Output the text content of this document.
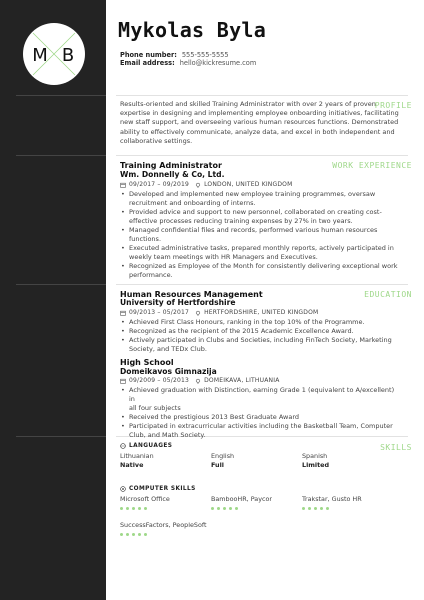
M B
Mykolas Byla
Phone number: 555-555-5555
Email address: hello@kickresume.com
PROFILE
WORK EXPERIENCE
EDUCATION
SKILLS
Results-oriented and skilled Training Administrator with over 2 years of proven
expertise in designing and implementing employee onboarding initiatives, facilitating
new staff support, and overseeing various human resources functions. Demonstrated
ability to effectively communicate, analyze data, and excel in both independent and
collaborative settings.
Training Administrator
Wm. Donnelly & Co, Ltd.
09/2017 – 09/2019	LONDON, UNITED KINGDOM
• Developed and implemented new employee training programmes, oversaw
recruitment and onboarding of interns.
• Provided advice and support to new personnel, collaborated on creating cost-
effective processes reducing training expenses by 27% in two years.
• Managed confidential files and records, performed various human resources
functions.
• Executed administrative tasks, prepared monthly reports, actively participated in
weekly team meetings with HR Managers and Executives.
• Recognized as Employee of the Month for consistently delivering exceptional work
performance.
Human Resources Management
University of Hertfordshire
09/2013 – 05/2017	HERTFORDSHIRE, UNITED KINGDOM
• Achieved First Class Honours, ranking in the top 10% of the Programme.
• Recognized as the recipient of the 2015 Academic Excellence Award.
• Actively participated in Clubs and Societies, including FinTech Society, Marketing
Society, and TEDx Club.
High School
Domeikavos Gimnazija
09/2009 – 05/2013	DOMEIKAVA, LITHUANIA
• Achieved graduation with Distinction, earning Grade 1 (equivalent to A/excellent) in
all four subjects
• Received the prestigious 2013 Best Graduate Award
• Participated in extracurricular activities including the Basketball Team, Computer
Club, and Math Society.
LANGUAGES
Lithuanian
Native
English
Full
Spanish
Limited
COMPUTER SKILLS
Microsoft Office	BambooHR, Paycor	Trakstar, Gusto HR
SuccessFactors, PeopleSoft
